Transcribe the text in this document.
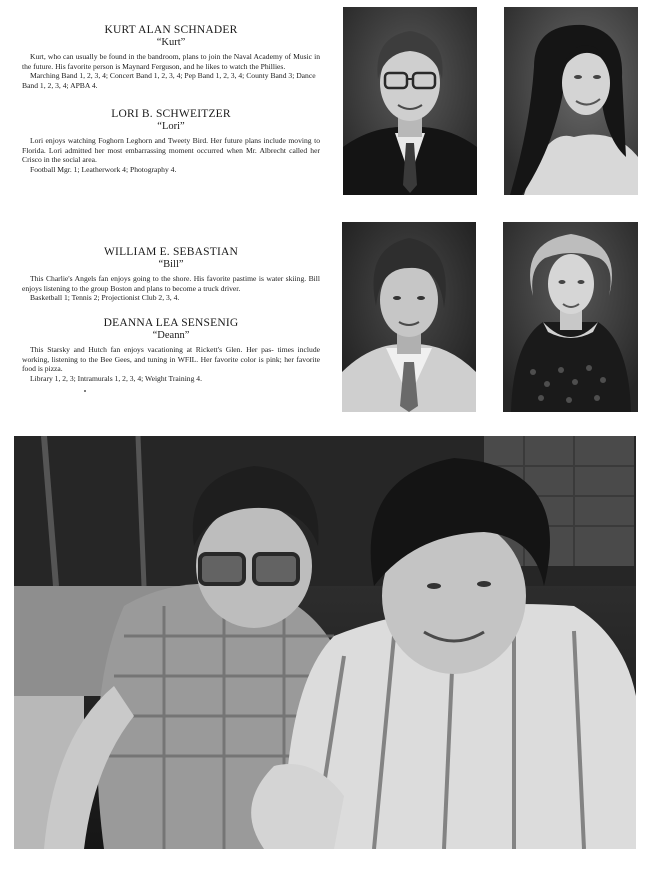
KURT ALAN SCHNADER
“Kurt”
Kurt, who can usually be found in the bandroom, plans to join the Naval Academy of Music in the future. His favorite person is Maynard Ferguson, and he likes to watch the Phillies.
Marching Band 1, 2, 3, 4; Concert Band 1, 2, 3, 4; Pep Band 1, 2, 3, 4; County Band 3; Dance Band 1, 2, 3, 4; APBA 4.
LORI B. SCHWEITZER
“Lori”
Lori enjoys watching Foghorn Leghorn and Tweety Bird. Her future plans include moving to Florida. Lori admitted her most embarrassing moment occurred when Mr. Albrecht called her Crisco in the social area.
Football Mgr. 1; Leatherwork 4; Photography 4.
WILLIAM E. SEBASTIAN
“Bill”
This Charlie's Angels fan enjoys going to the shore. His favorite pastime is water skiing. Bill enjoys listening to the group Boston and plans to become a truck driver.
Basketball 1; Tennis 2; Projectionist Club 2, 3, 4.
DEANNA LEA SENSENIG
“Deann”
This Starsky and Hutch fan enjoys vacationing at Rickett's Glen. Her pas- times include working, listening to the Bee Gees, and tuning in WFIL. Her favorite color is pink; her favorite food is pizza.
Library 1, 2, 3; Intramurals 1, 2, 3, 4; Weight Training 4.
